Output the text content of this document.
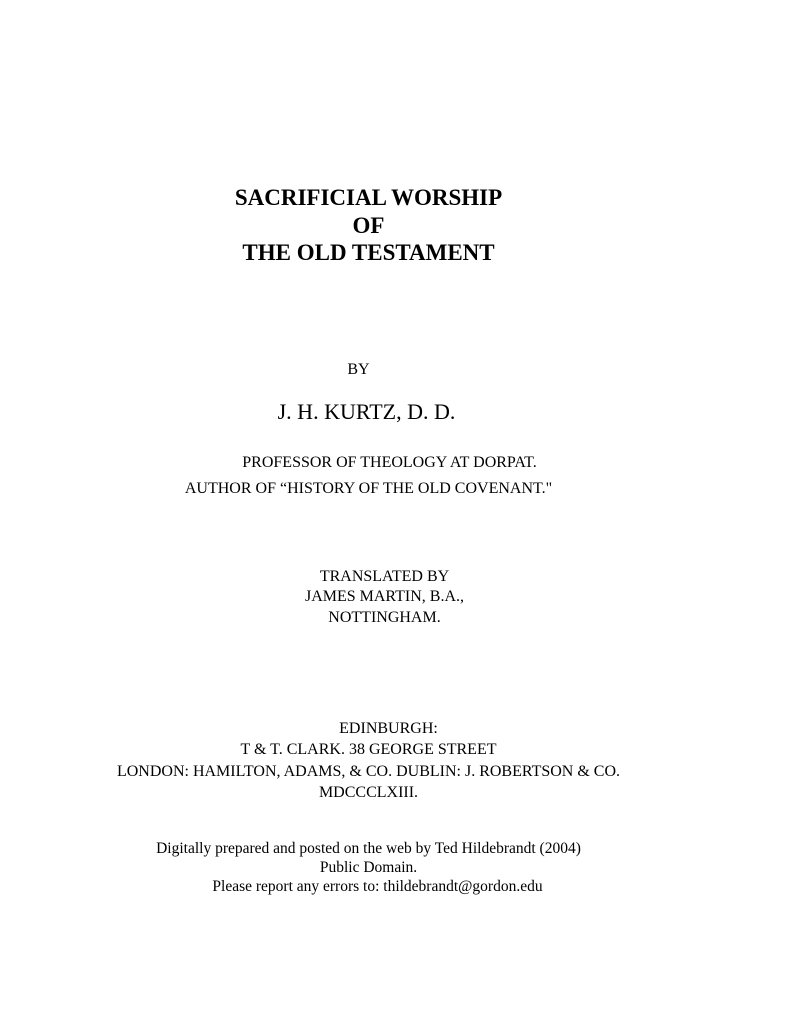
SACRIFICIAL WORSHIP
OF
THE OLD TESTAMENT
BY
J. H. KURTZ, D. D.
PROFESSOR OF THEOLOGY AT DORPAT.
AUTHOR OF “HISTORY OF THE OLD COVENANT."
TRANSLATED BY
JAMES MARTIN, B.A.,
NOTTINGHAM.
EDINBURGH:
T & T. CLARK. 38 GEORGE STREET
LONDON: HAMILTON, ADAMS, & CO. DUBLIN: J. ROBERTSON & CO.
MDCCCLXIII.
Digitally prepared and posted on the web by Ted Hildebrandt (2004)
Public Domain.
Please report any errors to: thildebrandt@gordon.edu
